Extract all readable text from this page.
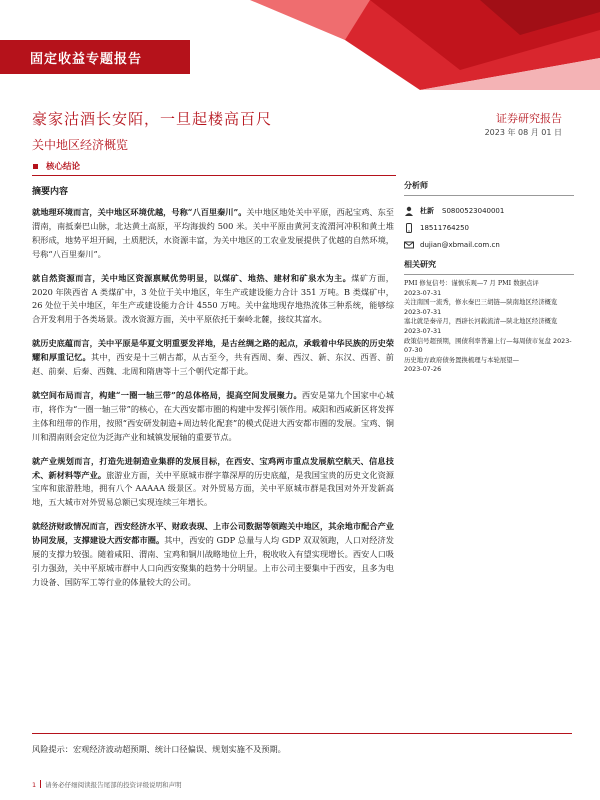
固定收益专题报告
豪家沽酒长安陌，一旦起楼高百尺
关中地区经济概览
证券研究报告
2023 年 08 月 01 日
核心结论
摘要内容

就地理环境而言，关中地区环境优越，号称“八百里秦川”。关中地区地处关中平原，西起宝鸡、东至渭南，南抵秦巴山脉，北达黄土高原，平均海拔约 500 米。关中平原由黄河支流渭河冲积和黄土堆积形成，地势平坦开阔，土质肥沃，水资源丰富，为关中地区的工农业发展提供了优越的自然环境，号称“八百里秦川”。

就自然资源而言，关中地区资源禀赋优势明显，以煤矿、地热、建材和矿泉水为主。煤矿方面，2020 年陕西省 A 类煤矿中，3 处位于关中地区，年生产或建设能力合计 351 万吨。B 类煤矿中，26 处位于关中地区，年生产或建设能力合计 4550 万吨。关中盆地现存地热流体三种系统，能够综合开发利用于各类场景。泼水资源方面，关中平原依托于秦岭北麓，接纹其富水。

就历史底蕴而言，关中平原是华夏文明重要发祥地，是古丝绸之路的起点，承载着中华民族的历史荣耀和厚重记忆。其中，西安是十三朝古都，从古至今，共有西周、秦、西汉、新、东汉、西晋、前赵、前秦、后秦、西魏、北周和隋唐等十三个朝代定都于此。

就空间布局而言，构建“一圈一轴三带”的总体格局，提高空间发展聚力。西安是第九个国家中心城市，将作为“一圈一轴三带”的核心，在大西安都市圈的构建中发挥引领作用。咸阳和西咸新区将发挥主体和纽带的作用，按照“西安研发制造+周边转化配套”的模式促进大西安都市圈的发展。宝鸡、铜川和渭南则会定位为泛海产业和城镇发展轴的重要节点。

就产业规划而言，打造先进制造业集群的发展目标，在西安、宝鸡两市重点发展航空航天、信息技术、新材料等产业。旅游业方面，关中平原城市群字靠深厚的历史底蕴，是我国宝贵的历史文化资源宝库和旅游胜地，拥有八个 AAAAA 级景区。对外贸易方面，关中平原城市群是我国对外开发新高地，五大城市对外贸易总额已实现连续三年增长。

就经济财政情况而言，西安经济水平、财政表现、上市公司数据等领跑关中地区，其余地市配合产业协同发展，支撑建设大西安都市圈。其中，西安的 GDP 总量与人均 GDP 双双领跑，人口对经济发展的支撑力较强。随着咸阳、渭南、宝鸡和铜川战略地位上升，税收收入有望实现增长。西安人口吸引力强劲，关中平原城市群中人口向西安聚集的趋势十分明显。上市公司主要集中于西安，且多为电力设备、国防军工等行业的体量较大的公司。

分析师
杜新 S0800523040001
18511764250
dujian@xbmail.com.cn
相关研究
PMI 修复信号：谨慎乐观—7 月 PMI 数据点评
2023-07-31
关注南国一流秀，修水秦巴三胡链—陕南地区经济概览 2023-07-31
塞北就是秦帝月，西辟长河载流清—陕北地区经济概览 2023-07-31
政策信号超预期，围债利率普遍上行—每周债市复盘 2023-07-30
历史地方政府债务置换梳理与本轮展望—
2023-07-26
风险提示：宏观经济波动超预期、统计口径偏误、规划实施不及预期。
1 请务必仔细阅读报告尾部的投资评级说明和声明
